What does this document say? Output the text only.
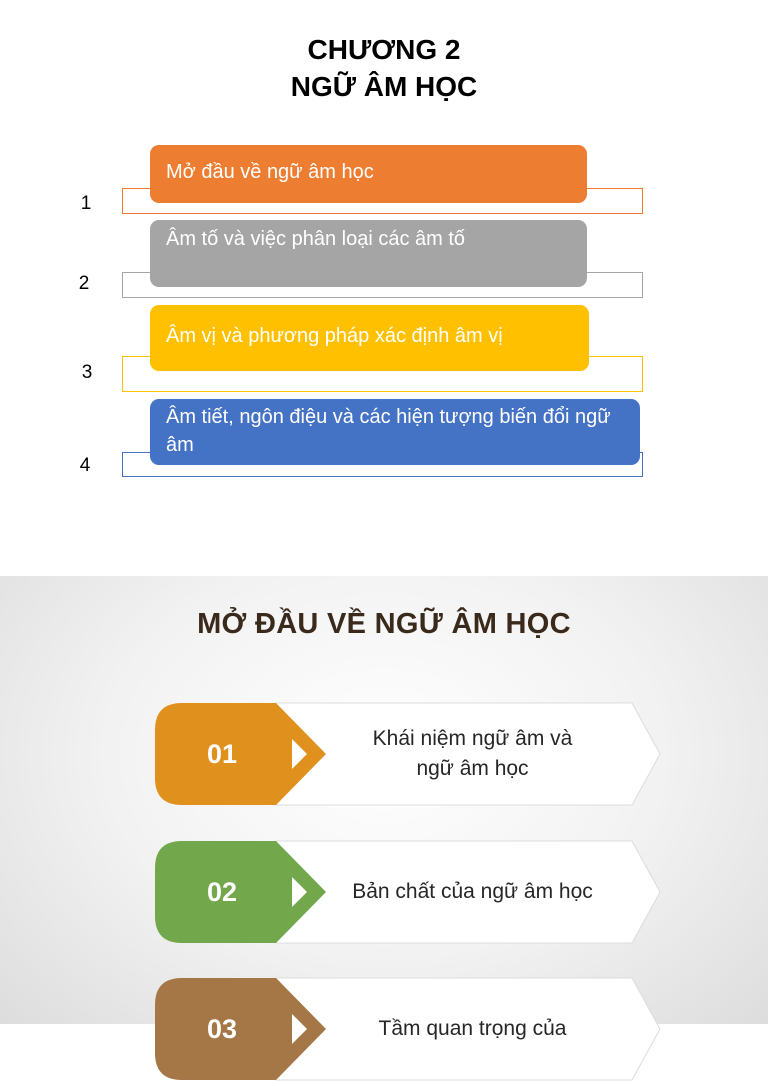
CHƯƠNG 2
NGỮ ÂM HỌC
1
Mở đầu về ngữ âm học
2
Âm tố và việc phân loại các âm tố
3
Âm vị và phương pháp xác định âm vị
4
Âm tiết, ngôn điệu và các hiện tượng biến đổi ngữ âm
MỞ ĐẦU VỀ NGỮ ÂM HỌC
01
Khái niệm ngữ âm và
ngữ âm học
02	Bản chất của ngữ âm học
03	Tầm quan trọng của
